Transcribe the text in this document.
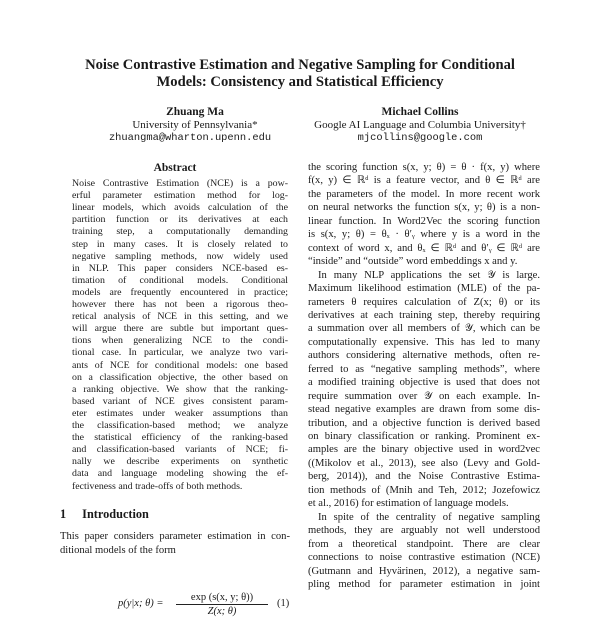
Noise Contrastive Estimation and Negative Sampling for Conditional
Models: Consistency and Statistical Efficiency
Zhuang Ma
University of Pennsylvania*
zhuangma@wharton.upenn.edu
Michael Collins
Google AI Language and Columbia University†
mjcollins@google.com
Abstract
Noise Contrastive Estimation (NCE) is a pow-
erful parameter estimation method for log-
linear models, which avoids calculation of the
partition function or its derivatives at each
training step, a computationally demanding
step in many cases. It is closely related to
negative sampling methods, now widely used
in NLP. This paper considers NCE-based es-
timation of conditional models. Conditional
models are frequently encountered in practice;
however there has not been a rigorous theo-
retical analysis of NCE in this setting, and we
will argue there are subtle but important ques-
tions when generalizing NCE to the condi-
tional case. In particular, we analyze two vari-
ants of NCE for conditional models: one based
on a classification objective, the other based on
a ranking objective. We show that the ranking-
based variant of NCE gives consistent param-
eter estimates under weaker assumptions than
the classification-based method; we analyze
the statistical efficiency of the ranking-based
and classification-based variants of NCE; fi-
nally we describe experiments on synthetic
data and language modeling showing the ef-
fectiveness and trade-offs of both methods.
1 Introduction
This paper considers parameter estimation in con-
ditional models of the form
p(y|x; θ) =
exp (s(x, y; θ))
Z(x; θ)
(1)
the scoring function s(x, y; θ) = θ · f(x, y) where
f(x, y) ∈ ℝᵈ is a feature vector, and θ ∈ ℝᵈ are
the parameters of the model. In more recent work
on neural networks the function s(x, y; θ) is a non-
linear function. In Word2Vec the scoring function
is s(x, y; θ) = θₓ · θ′ᵧ where y is a word in the
context of word x, and θₓ ∈ ℝᵈ and θ′ᵧ ∈ ℝᵈ are
“inside” and “outside” word embeddings x and y.
In many NLP applications the set 𝒴 is large.
Maximum likelihood estimation (MLE) of the pa-
rameters θ requires calculation of Z(x; θ) or its
derivatives at each training step, thereby requiring
a summation over all members of 𝒴, which can be
computationally expensive. This has led to many
authors considering alternative methods, often re-
ferred to as “negative sampling methods”, where
a modified training objective is used that does not
require summation over 𝒴 on each example. In-
stead negative examples are drawn from some dis-
tribution, and a objective function is derived based
on binary classification or ranking. Prominent ex-
amples are the binary objective used in word2vec
((Mikolov et al., 2013), see also (Levy and Gold-
berg, 2014)), and the Noise Contrastive Estima-
tion methods of (Mnih and Teh, 2012; Jozefowicz
et al., 2016) for estimation of language models.
In spite of the centrality of negative sampling
methods, they are arguably not well understood
from a theoretical standpoint. There are clear
connections to noise contrastive estimation (NCE)
(Gutmann and Hyvärinen, 2012), a negative sam-
pling method for parameter estimation in joint
